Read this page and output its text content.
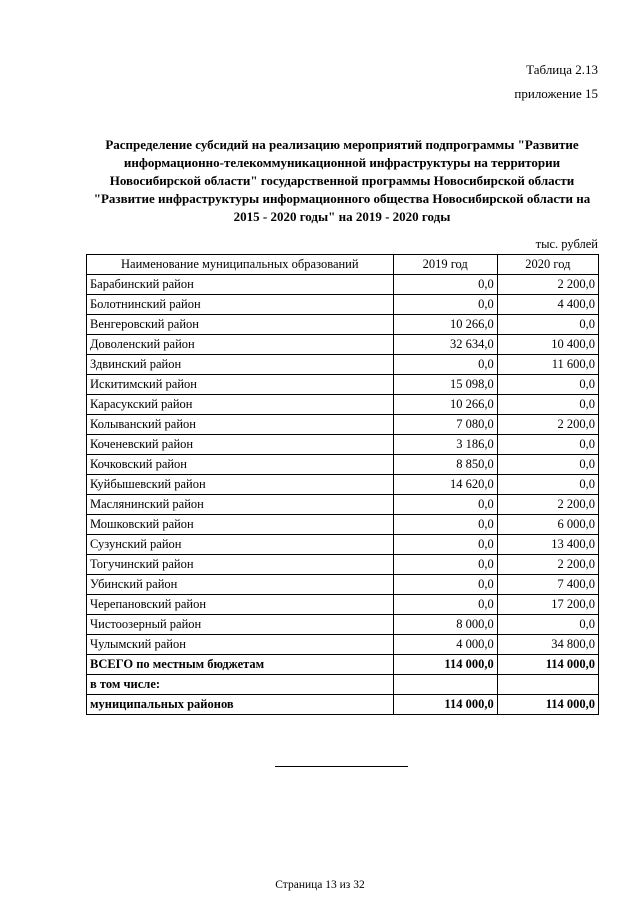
Таблица 2.13
приложение 15
Распределение субсидий на реализацию мероприятий подпрограммы "Развитие
информационно-телекоммуникационной инфраструктуры на территории
Новосибирской области" государственной программы Новосибирской области
"Развитие инфраструктуры информационного общества Новосибирской области на
2015 - 2020 годы" на 2019 - 2020 годы
тыс. рублей
Наименование муниципальных образований	2019 год	2020 год
Барабинский район	0,0	2 200,0
Болотнинский район	0,0	4 400,0
Венгеровский район	10 266,0	0,0
Доволенский район	32 634,0	10 400,0
Здвинский район	0,0	11 600,0
Искитимский район	15 098,0	0,0
Карасукский район	10 266,0	0,0
Колыванский район	7 080,0	2 200,0
Коченевский район	3 186,0	0,0
Кочковский район	8 850,0	0,0
Куйбышевский район	14 620,0	0,0
Маслянинский район	0,0	2 200,0
Мошковский район	0,0	6 000,0
Сузунский район	0,0	13 400,0
Тогучинский район	0,0	2 200,0
Убинский район	0,0	7 400,0
Черепановский район	0,0	17 200,0
Чистоозерный район	8 000,0	0,0
Чулымский район	4 000,0	34 800,0
ВСЕГО по местным бюджетам	114 000,0	114 000,0
в том числе:		
муниципальных районов	114 000,0	114 000,0
Страница 13 из 32
